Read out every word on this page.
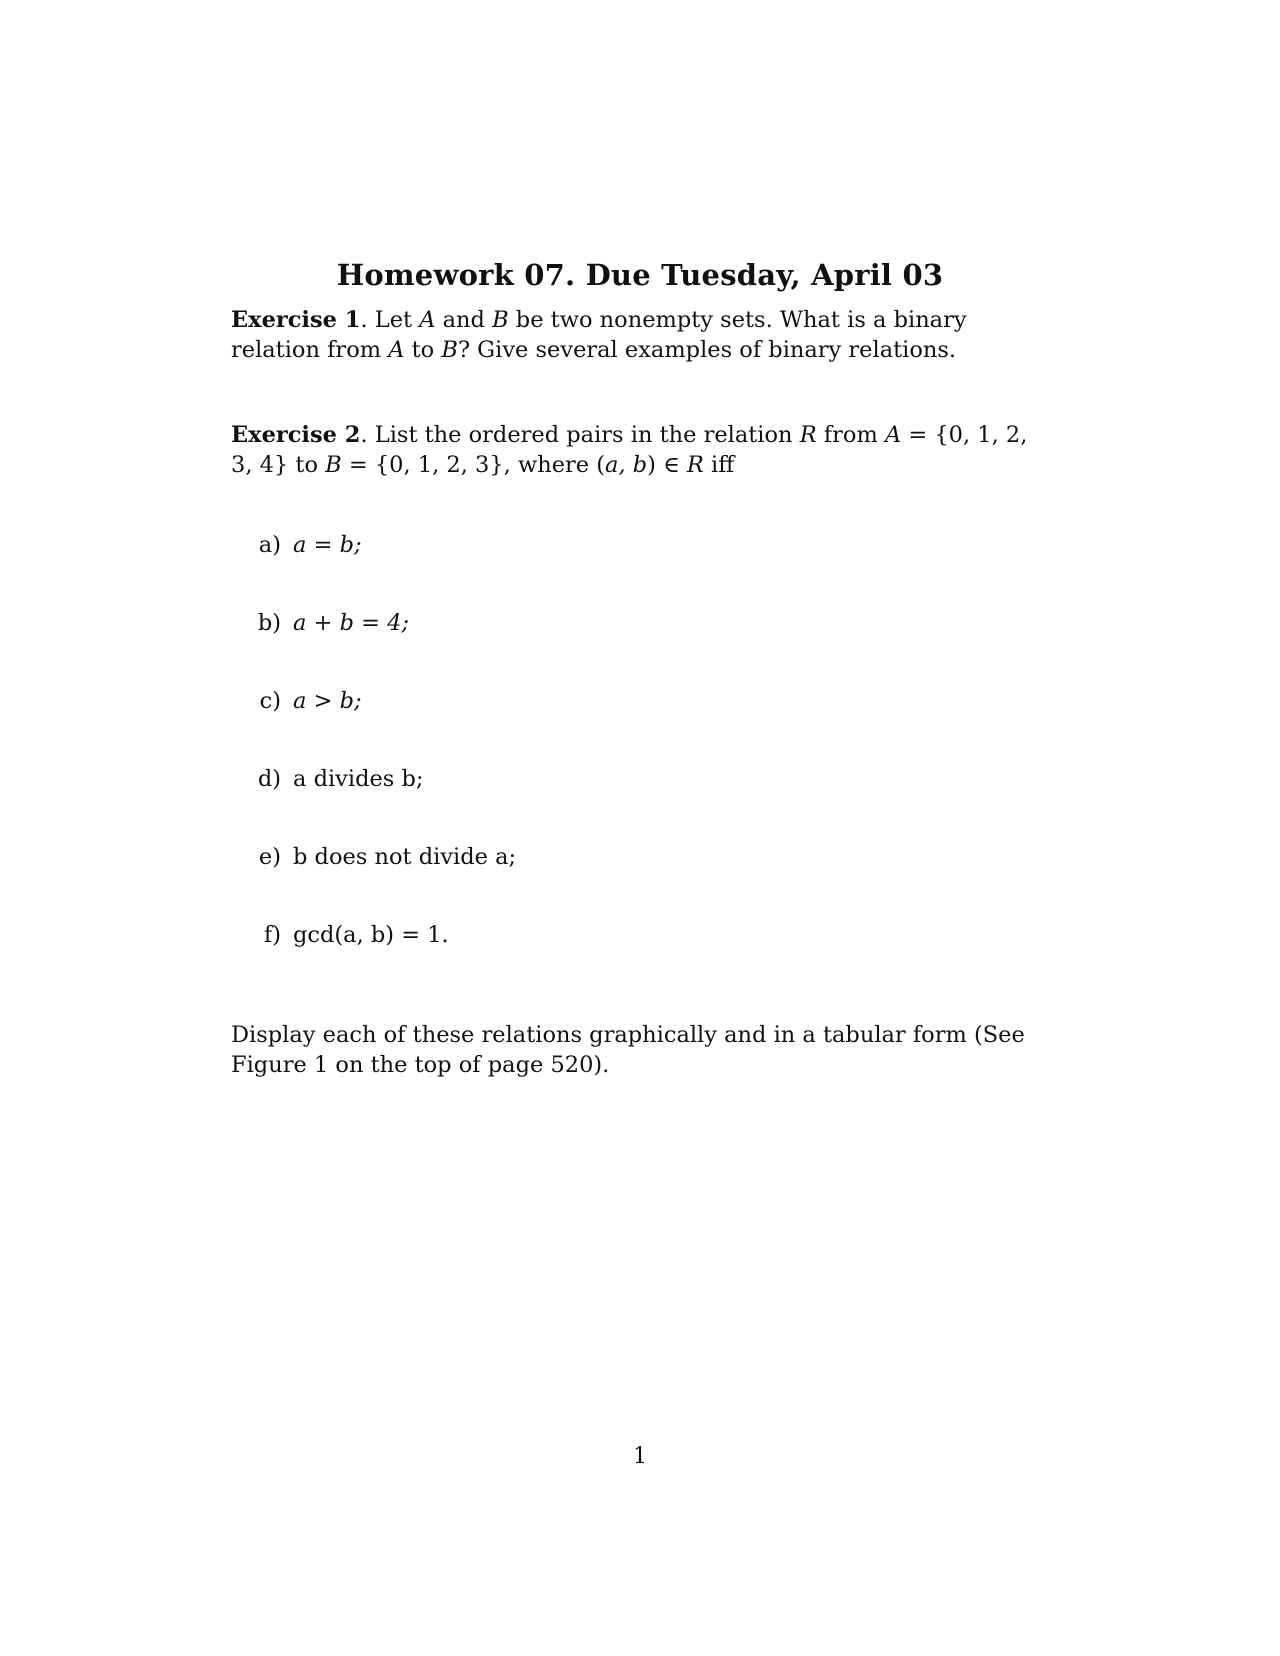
Homework 07. Due Tuesday, April 03
Exercise 1. Let A and B be two nonempty sets. What is a binary relation from A to B? Give several examples of binary relations.
Exercise 2. List the ordered pairs in the relation R from A = {0, 1, 2, 3, 4} to B = {0, 1, 2, 3}, where (a, b) ∈ R iff
a) a = b;
b) a + b = 4;
c) a > b;
d) a divides b;
e) b does not divide a;
f) gcd(a, b) = 1.
Display each of these relations graphically and in a tabular form (See Figure 1 on the top of page 520).
1
